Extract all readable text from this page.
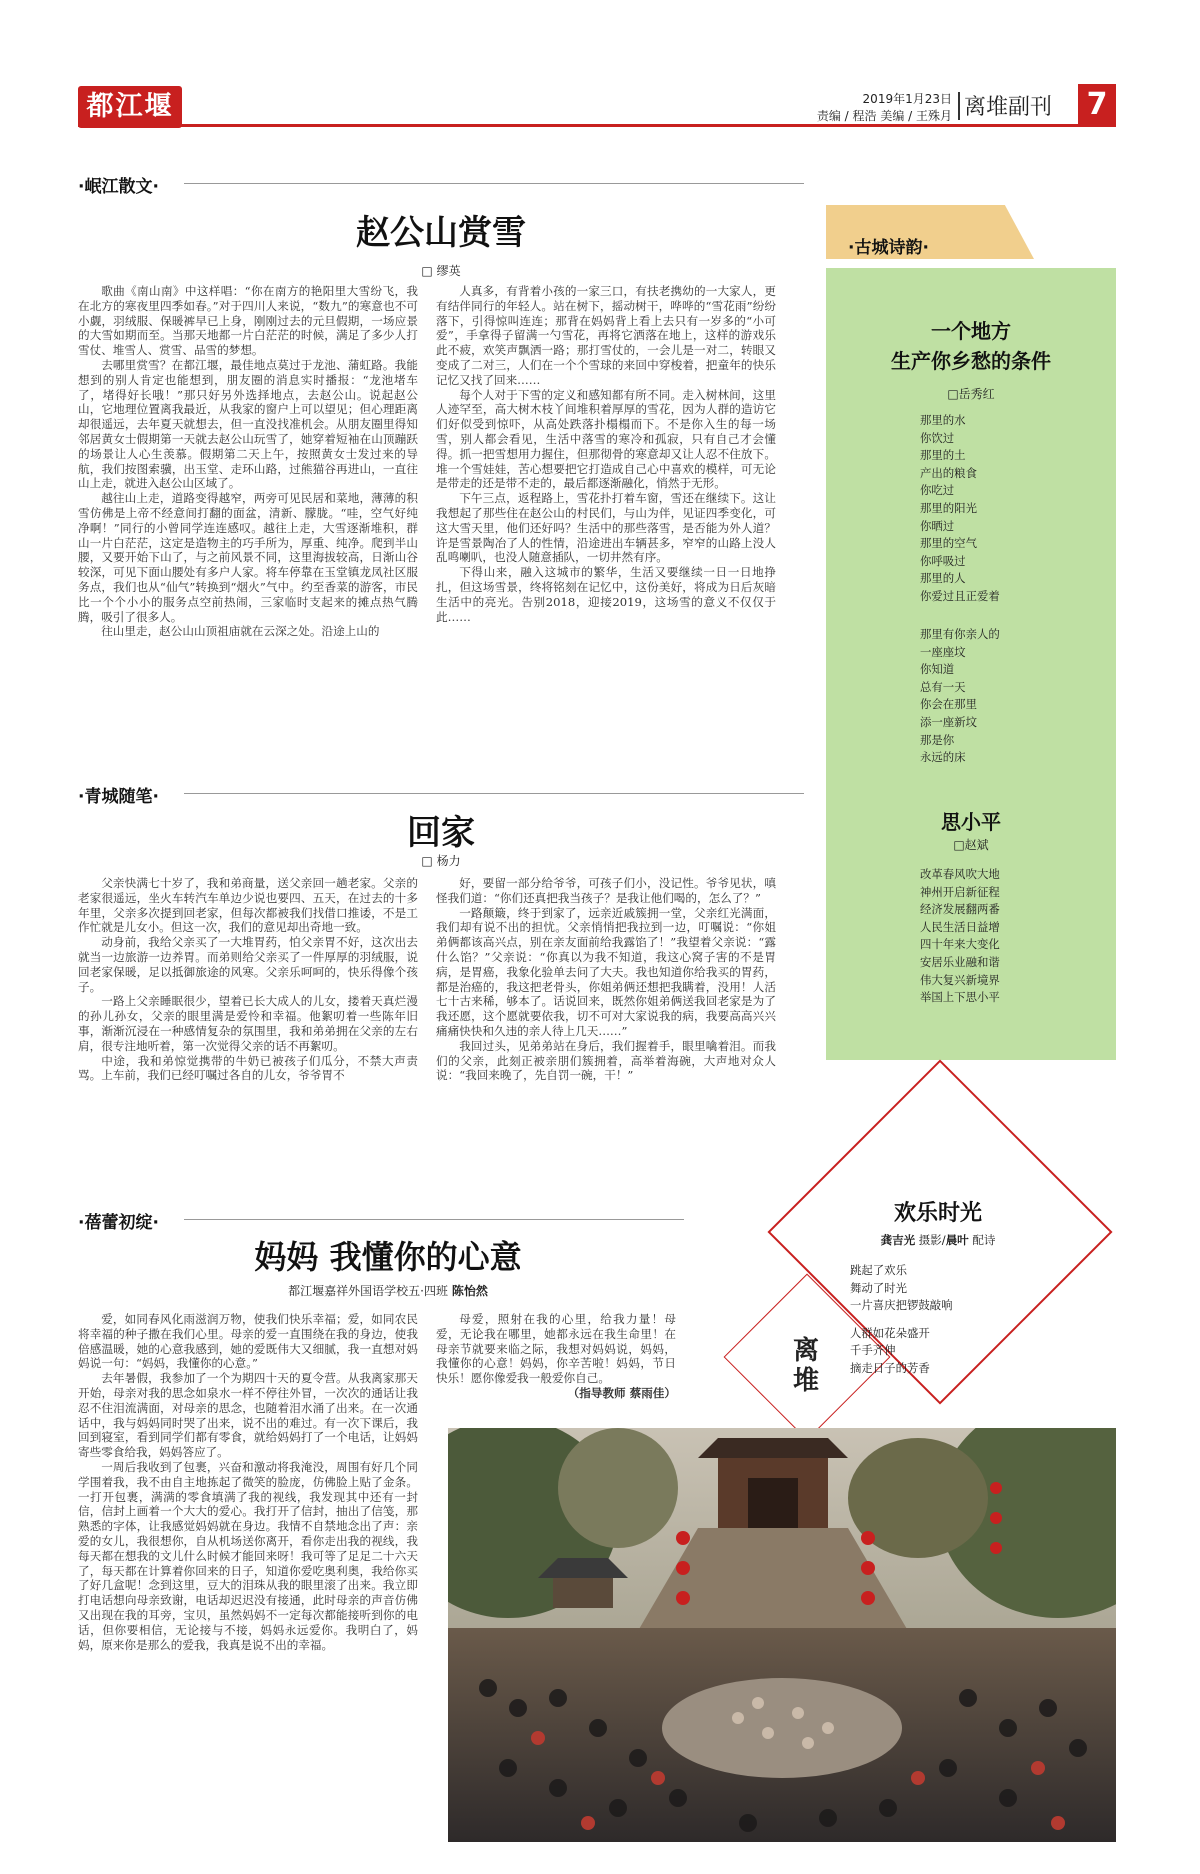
都江堰报
2019年1月23日
责编 / 程浩 美编 / 王殊月 离堆副刊	7
·岷江散文·
赵公山赏雪
□ 缪英

歌曲《南山南》中这样唱：“你在南方的艳阳里大雪纷飞，我在北方的寒夜里四季如春。”对于四川人来说，“数九”的寒意也不可小觑，羽绒服、保暖裤早已上身，刚刚过去的元旦假期，一场应景的大雪如期而至。当那天地都一片白茫茫的时候，满足了多少人打雪仗、堆雪人、赏雪、品雪的梦想。

去哪里赏雪？在都江堰，最佳地点莫过于龙池、蒲虹路。我能想到的别人肯定也能想到，朋友圈的消息实时播报：“龙池堵车了，堵得好长哦！”那只好另外选择地点，去赵公山。说起赵公山，它地理位置离我最近，从我家的窗户上可以望见；但心理距离却很遥远，去年夏天就想去，但一直没找准机会。从朋友圈里得知邻居黄女士假期第一天就去赵公山玩雪了，她穿着短袖在山顶蹦跃的场景让人心生羡慕。假期第二天上午，按照黄女士发过来的导航，我们按图索骥，出玉堂、走环山路，过熊猫谷再进山，一直往山上走，就进入赵公山区域了。

越往山上走，道路变得越窄，两旁可见民居和菜地，薄薄的积雪仿佛是上帝不经意间打翻的面盆，清新、朦胧。“哇，空气好纯净啊！”同行的小曾同学连连感叹。越往上走，大雪逐渐堆积，群山一片白茫茫，这定是造物主的巧手所为，厚重、纯净。爬到半山腰，又要开始下山了，与之前风景不同，这里海拔较高，日渐山谷较深，可见下面山腰处有多户人家。将车停靠在玉堂镇龙凤社区服务点，我们也从“仙气”转换到“烟火”气中。约至香菜的游客，市民比一个个小小的服务点空前热闹，三家临时支起来的摊点热气腾腾，吸引了很多人。

往山里走，赵公山山顶祖庙就在云深之处。沿途上山的

人真多，有背着小孩的一家三口，有扶老携幼的一大家人，更有结伴同行的年轻人。站在树下，摇动树干，哗哗的“雪花雨”纷纷落下，引得惊叫连连；那背在妈妈背上看上去只有一岁多的“小可爱”，手拿得子留满一勺雪花，再将它洒落在地上，这样的游戏乐此不疲，欢笑声飘洒一路；那打雪仗的，一会儿是一对二，转眼又变成了二对三，人们在一个个雪球的来回中穿梭着，把童年的快乐记忆又找了回来……

每个人对于下雪的定义和感知都有所不同。走入树林间，这里人迹罕至，高大树木枝丫间堆积着厚厚的雪花，因为人群的造访它们好似受到惊吓，从高处跌落扑榻榻而下。不是你入生的每一场雪，别人都会看见，生活中落雪的寒冷和孤寂，只有自己才会懂得。抓一把雪想用力握住，但那彻骨的寒意却又让人忍不住放下。堆一个雪娃娃，苦心想要把它打造成自己心中喜欢的模样，可无论是带走的还是带不走的，最后都逐渐融化，悄然于无形。

下午三点，返程路上，雪花扑打着车窗，雪还在继续下。这让我想起了那些住在赵公山的村民们，与山为伴，见证四季变化，可这大雪天里，他们还好吗？生活中的那些落雪，是否能为外人道？许是雪景陶冶了人的性情，沿途进出车辆甚多，窄窄的山路上没人乱鸣喇叭，也没人随意插队，一切井然有序。

下得山来，融入这城市的繁华，生活又要继续一日一日地挣扎，但这场雪景，终将铭刻在记忆中，这份美好，将成为日后灰暗生活中的亮光。告别2018，迎接2019，这场雪的意义不仅仅于此……

·青城随笔·
回家
□ 杨力

父亲快满七十岁了，我和弟商量，送父亲回一趟老家。父亲的老家很遥远，坐火车转汽车单边少说也要四、五天，在过去的十多年里，父亲多次提到回老家，但每次都被我们找借口推诿，不是工作忙就是儿女小。但这一次，我们的意见却出奇地一致。

动身前，我给父亲买了一大堆胃药，怕父亲胃不好，这次出去就当一边旅游一边养胃。而弟则给父亲买了一件厚厚的羽绒服，说回老家保暖，足以抵御旅途的风寒。父亲乐呵呵的，快乐得像个孩子。

一路上父亲睡眠很少，望着已长大成人的儿女，搂着天真烂漫的孙儿孙女，父亲的眼里满是爱怜和幸福。他絮叨着一些陈年旧事，渐渐沉浸在一种感情复杂的氛围里，我和弟弟拥在父亲的左右肩，很专注地听着，第一次觉得父亲的话不再絮叨。

中途，我和弟惊觉携带的牛奶已被孩子们瓜分，不禁大声责骂。上车前，我们已经叮嘱过各自的儿女，爷爷胃不

好，要留一部分给爷爷，可孩子们小，没记性。爷爷见状，嗔怪我们道：“你们还真把我当孩子？是我让他们喝的，怎么了？”

一路颠簸，终于到家了，远亲近戚簇拥一堂，父亲红光满面，我们却有说不出的担忧。父亲悄悄把我拉到一边，叮嘱说：“你姐弟俩都该高兴点，别在亲友面前给我露馅了！”我望着父亲说：“露什么馅？”父亲说：“你真以为我不知道，我这心窝子害的不是胃病，是胃癌，我象化验单去问了大夫。我也知道你给我买的胃药，都是治癌的，我这把老骨头，你姐弟俩还想把我瞒着，没用！人活七十古来稀，够本了。话说回来，既然你姐弟俩送我回老家是为了我还愿，这个愿就要依我，切不可对大家说我的病，我要高高兴兴痛痛快快和久违的亲人待上几天……”

我回过头，见弟弟站在身后，我们握着手，眼里噙着泪。而我们的父亲，此刻正被亲朋们簇拥着，高举着海碗，大声地对众人说：“我回来晚了，先自罚一碗，干！”

·蓓蕾初绽·
妈妈 我懂你的心意
都江堰嘉祥外国语学校五·四班 陈怡然

爱，如同春风化雨滋润万物，使我们快乐幸福；爱，如同农民将幸福的种子撒在我们心里。母亲的爱一直围绕在我的身边，使我倍感温暖，她的心意我感到，她的爱既伟大又细腻，我一直想对妈妈说一句：“妈妈，我懂你的心意。”

去年暑假，我参加了一个为期四十天的夏令营。从我离家那天开始，母亲对我的思念如泉水一样不停往外冒，一次次的通话让我忍不住泪流满面，对母亲的思念，也随着泪水涌了出来。在一次通话中，我与妈妈同时哭了出来，说不出的难过。有一次下课后，我回到寝室，看到同学们都有零食，就给妈妈打了一个电话，让妈妈寄些零食给我，妈妈答应了。

一周后我收到了包裹，兴奋和激动将我淹没，周围有好几个同学围着我，我不由自主地拣起了微笑的脸庞，仿佛脸上贴了金条。一打开包裹，满满的零食填满了我的视线，我发现其中还有一封信，信封上画着一个大大的爱心。我打开了信封，抽出了信笺，那熟悉的字体，让我感觉妈妈就在身边。我情不自禁地念出了声：亲爱的女儿，我很想你，自从机场送你离开，看你走出我的视线，我每天都在想我的文儿什么时候才能回来呀！我可等了足足二十六天了，每天都在计算着你回来的日子，知道你爱吃奥利奥，我给你买了好几盒呢！念到这里，豆大的泪珠从我的眼里滚了出来。我立即打电话想向母亲致谢，电话却迟迟没有接通，此时母亲的声音仿佛又出现在我的耳旁，宝贝，虽然妈妈不一定每次都能接听到你的电话，但你要相信，无论接与不接，妈妈永远爱你。我明白了，妈妈，原来你是那么的爱我，我真是说不出的幸福。

母爱，照射在我的心里，给我力量！母爱，无论我在哪里，她都永远在我生命里！在母亲节就要来临之际，我想对妈妈说，妈妈，我懂你的心意！妈妈，你辛苦啦！妈妈，节日快乐！愿你像爱我一般爱你自己。

（指导教师 蔡雨佳）
·古城诗韵·
一个地方
生产你乡愁的条件
□岳秀红
那里的水
你饮过
那里的土
产出的粮食
你吃过
那里的阳光
你晒过
那里的空气
你呼吸过
那里的人
你爱过且正爱着
那里有你亲人的
一座座坟
你知道
总有一天
你会在那里
添一座新坟
那是你
永远的床
思小平
□赵斌
改革春风吹大地
神州开启新征程
经济发展翻两番
人民生活日益增
四十年来大变化
安居乐业融和谐
伟大复兴新境界
举国上下思小平
离堆
欢乐时光
龚吉光 摄影/晨叶 配诗
跳起了欢乐
舞动了时光
一片喜庆把锣鼓敲响
人群如花朵盛开
千手齐伸
摘走日子的芳香
